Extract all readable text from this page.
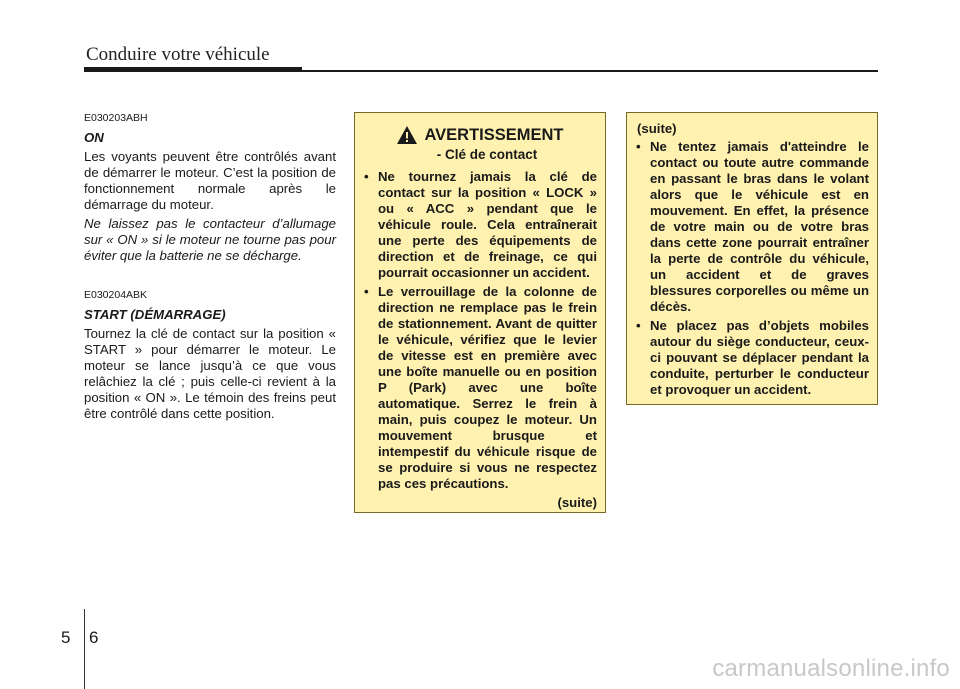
Conduire votre véhicule
E030203ABH
ON

Les voyants peuvent être contrôlés avant de démarrer le moteur. C’est la position de fonctionnement normale après le démarrage du moteur.

Ne laissez pas le contacteur d’allumage sur « ON » si le moteur ne tourne pas pour éviter que la batterie ne se décharge.

E030204ABK
START (DÉMARRAGE)

Tournez la clé de contact sur la position « START » pour démarrer le moteur. Le moteur se lance jusqu’à ce que vous relâchiez la clé ; puis celle-ci revient à la position « ON ». Le témoin des freins peut être contrôlé dans cette position.

AVERTISSEMENT
- Clé de contact
• Ne tournez jamais la clé de contact sur la position « LOCK » ou « ACC » pendant que le véhicule roule. Cela entraînerait une perte des équipements de direction et de freinage, ce qui pourrait occasionner un accident.
• Le verrouillage de la colonne de direction ne remplace pas le frein de stationnement. Avant de quitter le véhicule, vérifiez que le levier de vitesse est en première avec une boîte manuelle ou en position P (Park) avec une boîte automatique. Serrez le frein à main, puis coupez le moteur. Un mouvement brusque et intempestif du véhicule risque de se produire si vous ne respectez pas ces précautions.
(suite)
(suite)
• Ne tentez jamais d'atteindre le contact ou toute autre commande en passant le bras dans le volant alors que le véhicule est en mouvement. En effet, la présence de votre main ou de votre bras dans cette zone pourrait entraîner la perte de contrôle du véhicule, un accident et de graves blessures corporelles ou même un décès.
• Ne placez pas d’objets mobiles autour du siège conducteur, ceux-ci pouvant se déplacer pendant la conduite, perturber le conducteur et provoquer un accident.
5 6
carmanualsonline.info
